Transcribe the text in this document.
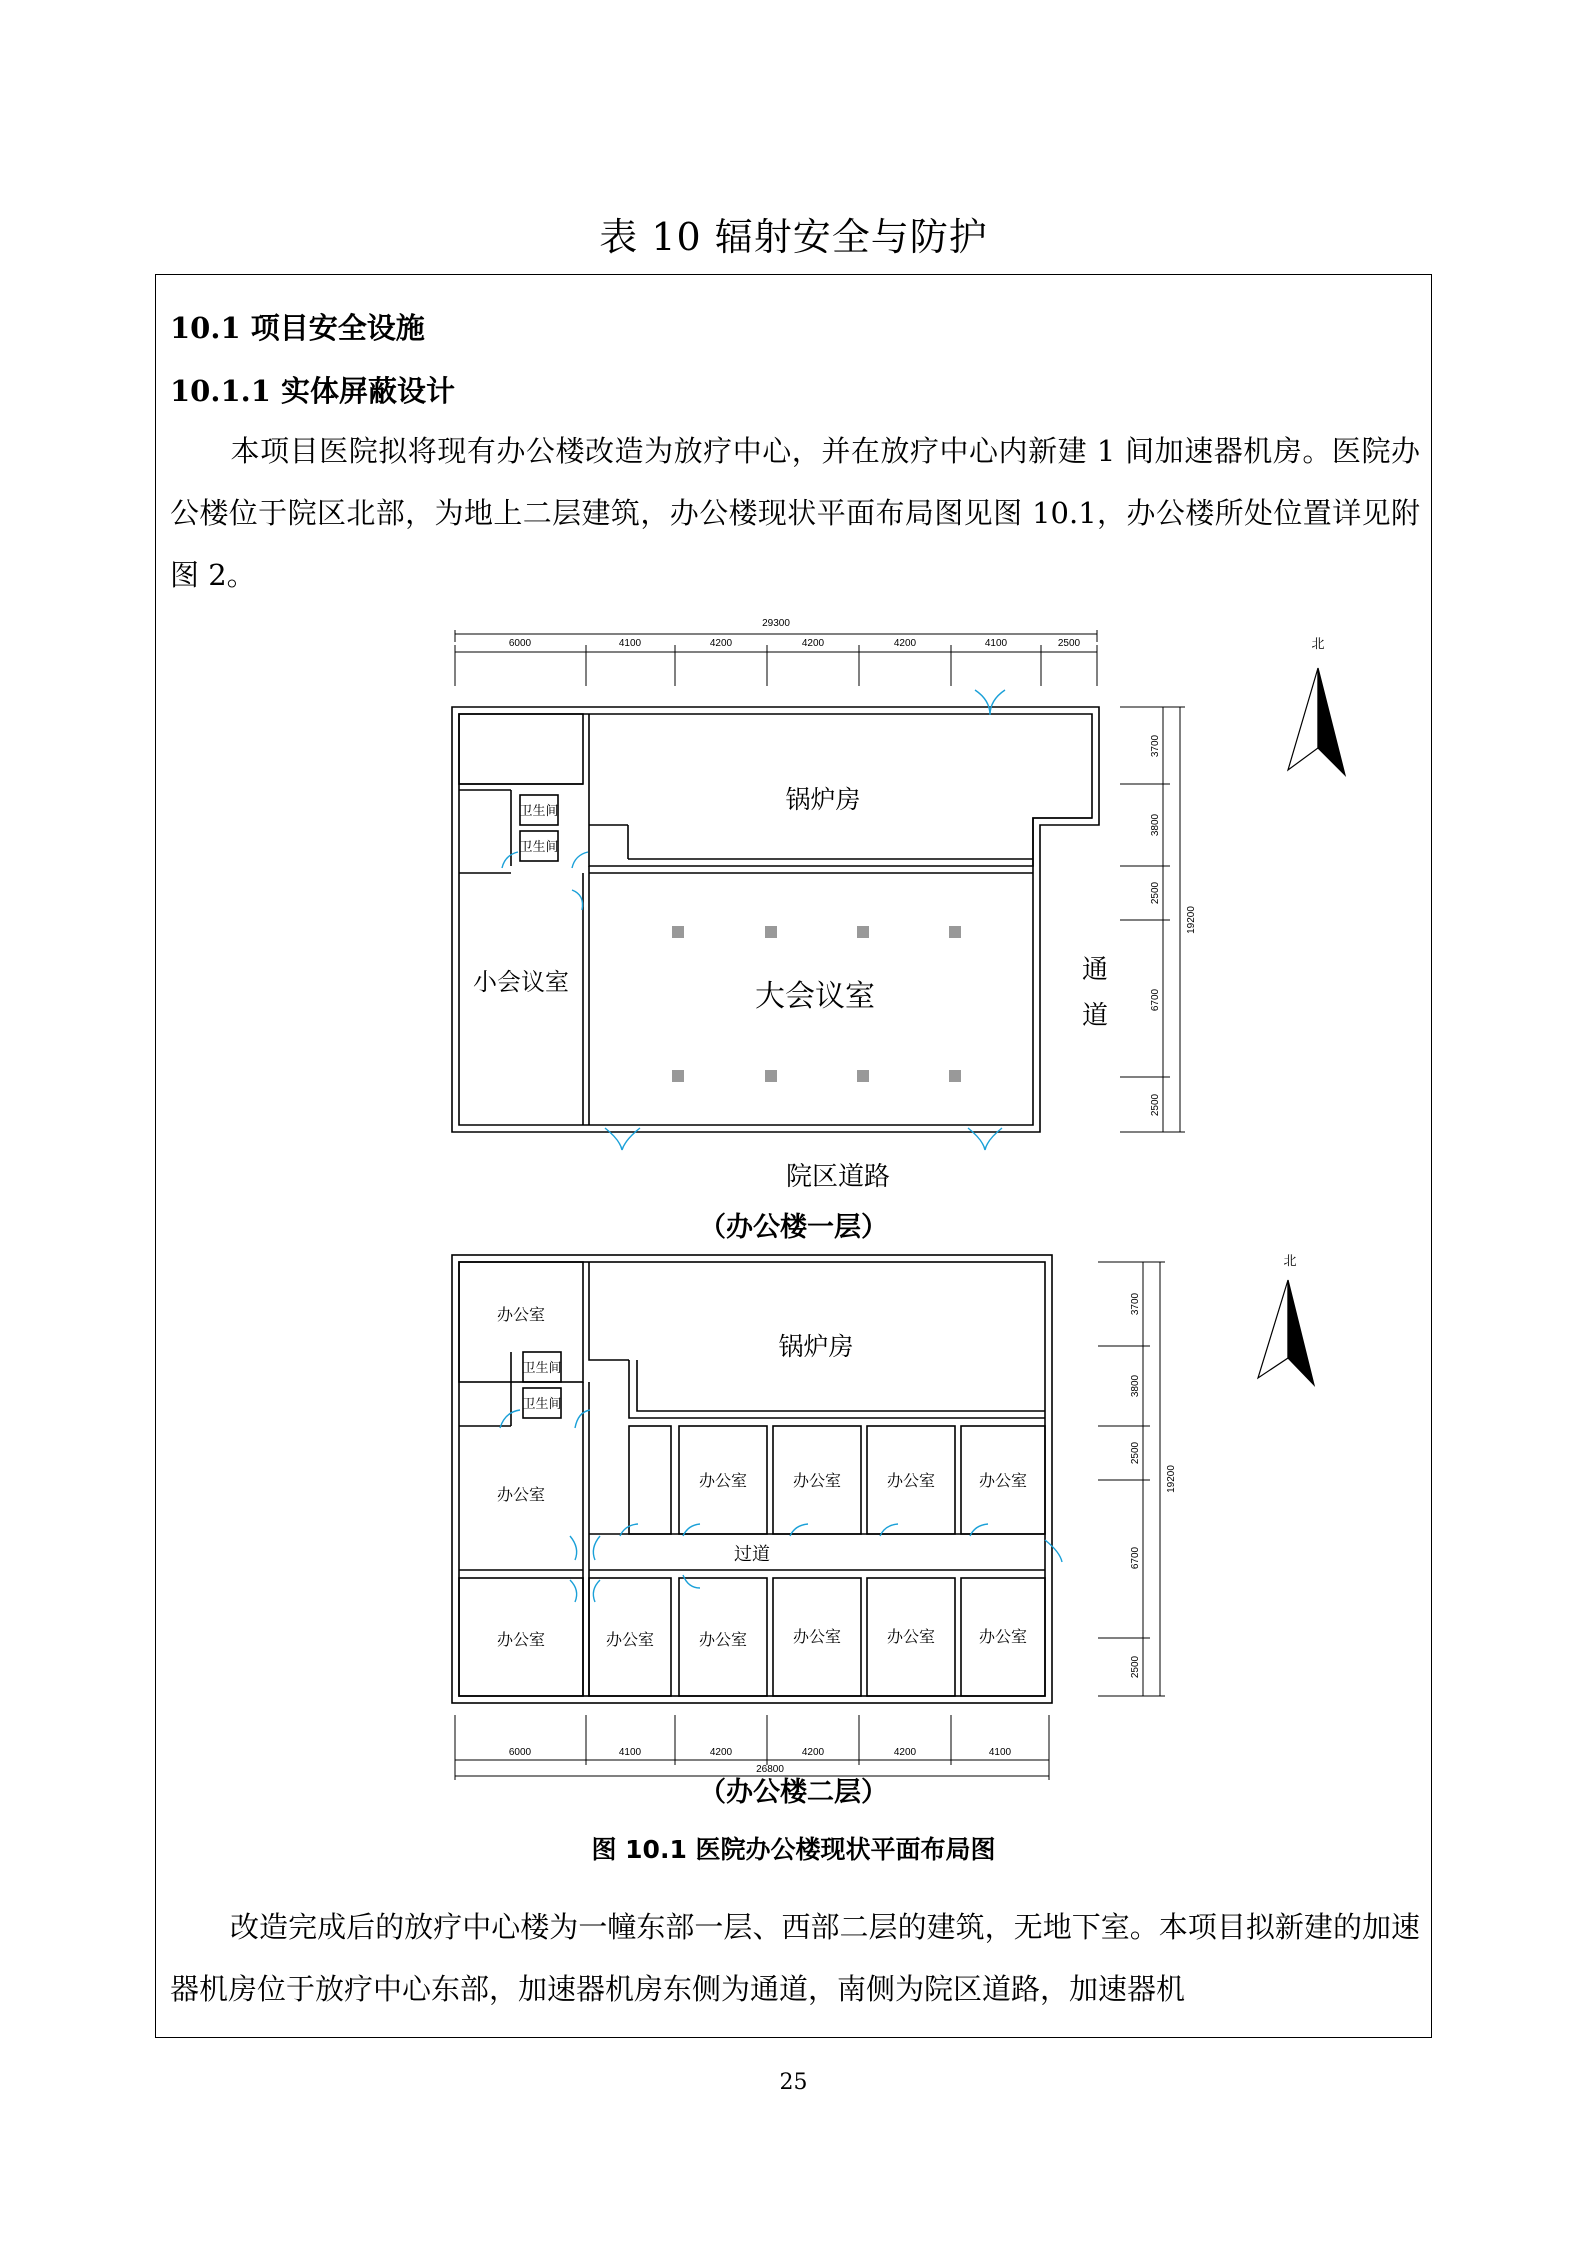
表 10 辐射安全与防护
10.1 项目安全设施
10.1.1 实体屏蔽设计
本项目医院拟将现有办公楼改造为放疗中心，并在放疗中心内新建 1 间加速器机房。医院办公楼位于院区北部，为地上二层建筑，办公楼现状平面布局图见图 10.1，办公楼所处位置详见附图 2。
29300
6000	4100	4200	4200	4200	4100	2500
锅炉房
卫生间
卫生间
小会议室	大会议室
通
道
院区道路
3700
3800
2500
6700
2500
19200
北
办公室
锅炉房
卫生间
卫生间
办公室
办公室	办公室	办公室	办公室
过道
办公室	办公室	办公室	办公室	办公室	办公室
6000	4100	4200	4200	4200	4100
26800
3700
3800
2500
6700
2500
19200
北
（办公楼一层）
（办公楼二层）
图 10.1 医院办公楼现状平面布局图
改造完成后的放疗中心楼为一幢东部一层、西部二层的建筑，无地下室。本项目拟新建的加速器机房位于放疗中心东部，加速器机房东侧为通道，南侧为院区道路，加速器机
25
